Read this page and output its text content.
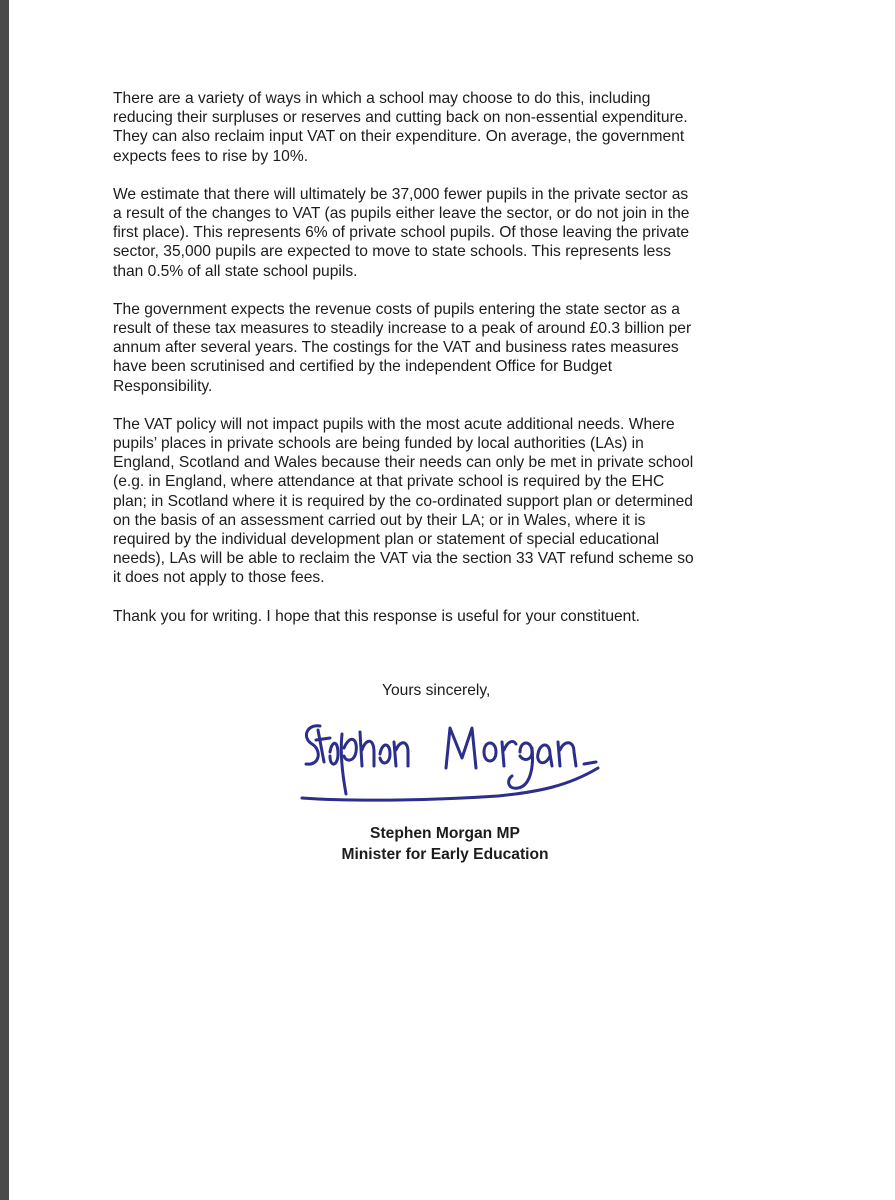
There are a variety of ways in which a school may choose to do this, including
reducing their surpluses or reserves and cutting back on non-essential expenditure.
They can also reclaim input VAT on their expenditure. On average, the government
expects fees to rise by 10%.

We estimate that there will ultimately be 37,000 fewer pupils in the private sector as
a result of the changes to VAT (as pupils either leave the sector, or do not join in the
first place). This represents 6% of private school pupils. Of those leaving the private
sector, 35,000 pupils are expected to move to state schools. This represents less
than 0.5% of all state school pupils.

The government expects the revenue costs of pupils entering the state sector as a
result of these tax measures to steadily increase to a peak of around £0.3 billion per
annum after several years. The costings for the VAT and business rates measures
have been scrutinised and certified by the independent Office for Budget
Responsibility.

The VAT policy will not impact pupils with the most acute additional needs. Where
pupils’ places in private schools are being funded by local authorities (LAs) in
England, Scotland and Wales because their needs can only be met in private school
(e.g. in England, where attendance at that private school is required by the EHC
plan; in Scotland where it is required by the co-ordinated support plan or determined
on the basis of an assessment carried out by their LA; or in Wales, where it is
required by the individual development plan or statement of special educational
needs), LAs will be able to reclaim the VAT via the section 33 VAT refund scheme so
it does not apply to those fees.

Thank you for writing. I hope that this response is useful for your constituent.

Yours sincerely,
Stephen Morgan MP
Minister for Early Education
